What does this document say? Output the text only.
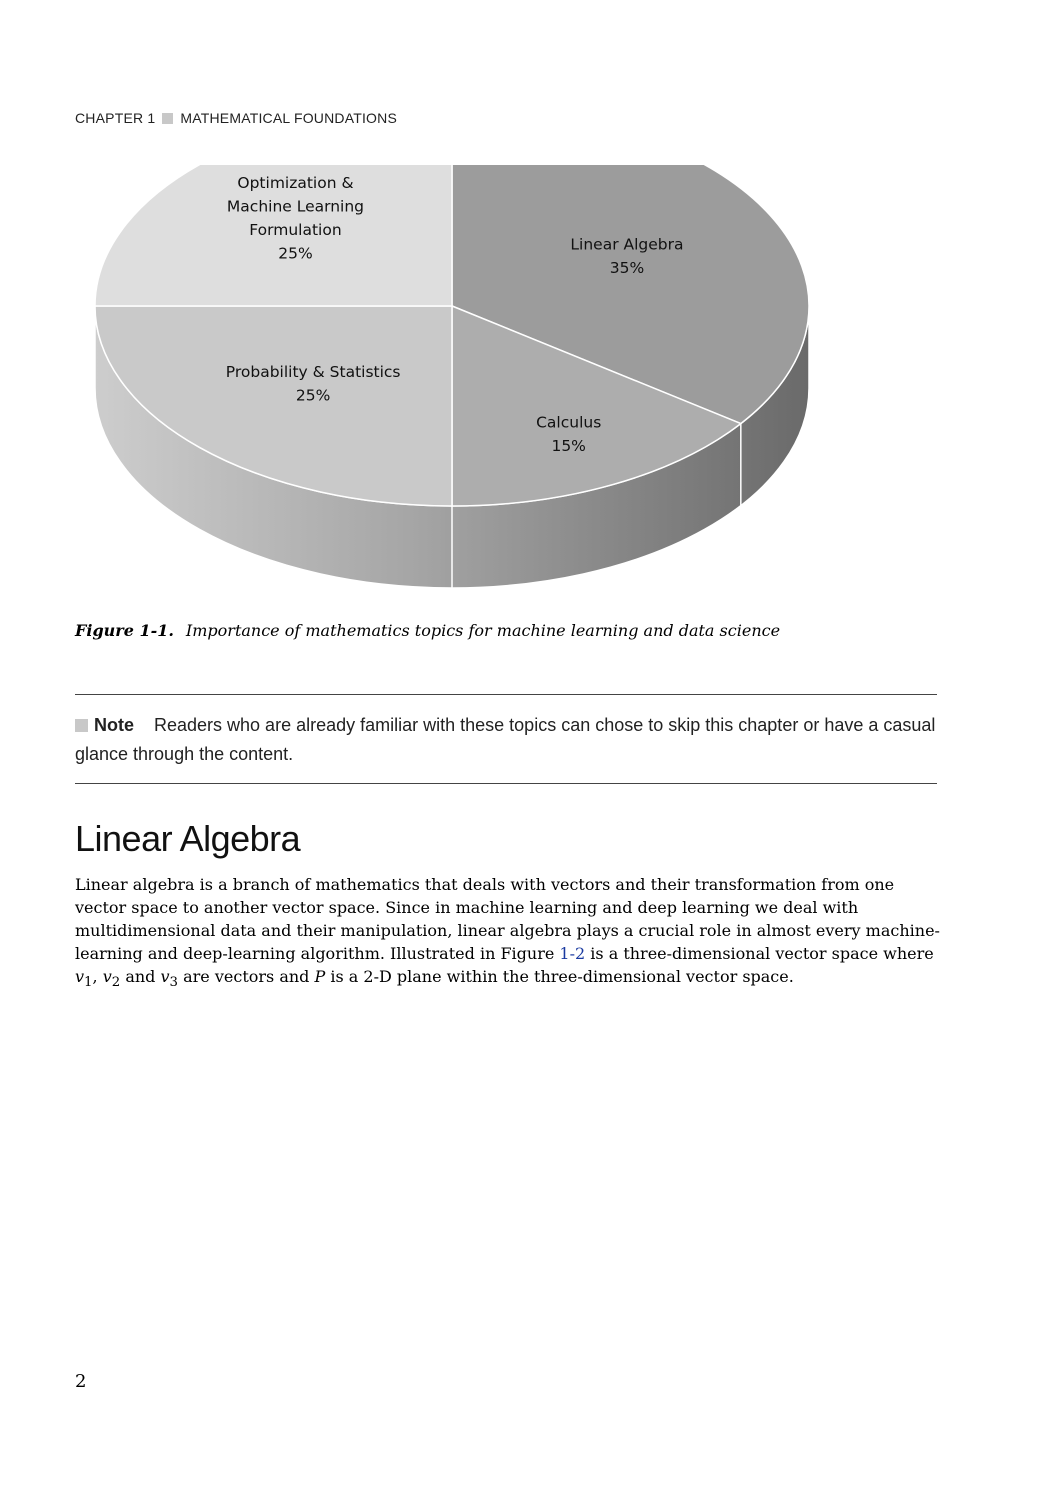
CHAPTER 1 MATHEMATICAL FOUNDATIONS
Linear Algebra 35%
Calculus 15%
Probability & Statistics 25%
Optimization & Machine Learning Formulation 25%
Figure 1-1. Importance of mathematics topics for machine learning and data science
Note Readers who are already familiar with these topics can chose to skip this chapter or have a casual glance through the content.
Linear Algebra

Linear algebra is a branch of mathematics that deals with vectors and their transformation from one vector space to another vector space. Since in machine learning and deep learning we deal with multidimensional data and their manipulation, linear algebra plays a crucial role in almost every machine-learning and deep-learning algorithm. Illustrated in Figure 1-2 is a three-dimensional vector space where $v_1$, $v_2$ and $v_3$ are vectors and P is a 2-D plane within the three-dimensional vector space.

2
